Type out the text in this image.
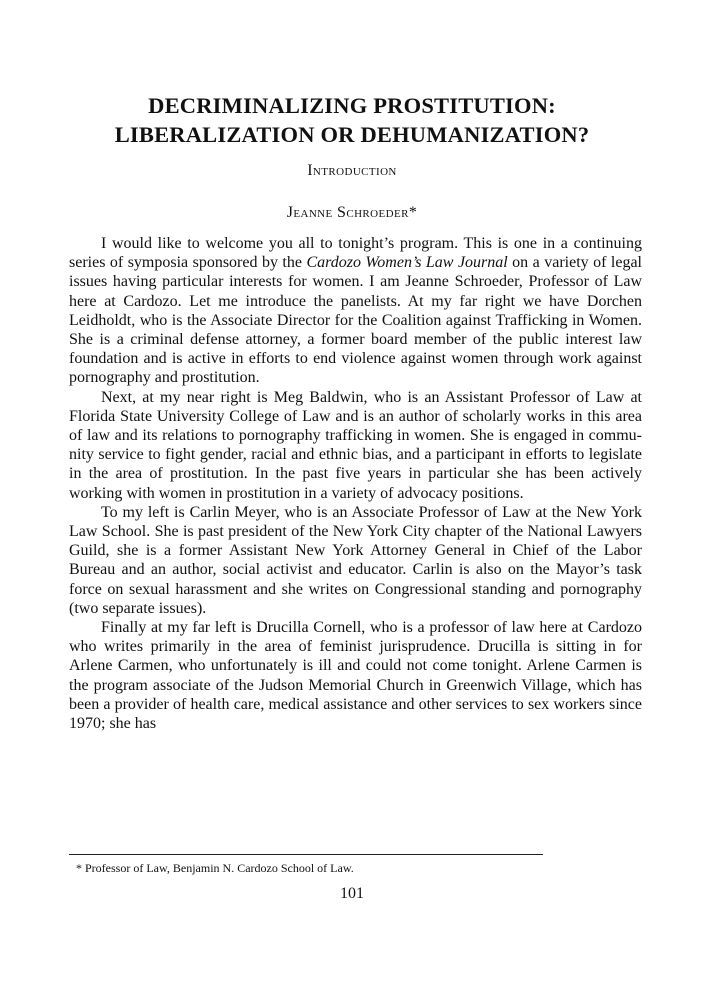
DECRIMINALIZING PROSTITUTION:
LIBERALIZATION OR DEHUMANIZATION?
Introduction
Jeanne Schroeder*

I would like to welcome you all to tonight’s program. This is one in a continuing series of symposia sponsored by the Cardozo Women’s Law Journal on a variety of legal issues having particular interests for women. I am Jeanne Schroeder, Professor of Law here at Cardozo. Let me introduce the panelists. At my far right we have Dorchen Leidholdt, who is the Associate Director for the Coalition against Trafficking in Women. She is a criminal defense attorney, a former board member of the public interest law foundation and is active in efforts to end violence against women through work against pornography and prostitution.

Next, at my near right is Meg Baldwin, who is an Assistant Professor of Law at Florida State University College of Law and is an author of scholarly works in this area of law and its relations to pornography trafficking in women. She is engaged in community service to fight gender, racial and ethnic bias, and a participant in efforts to legislate in the area of prostitution. In the past five years in particular she has been actively working with women in prostitution in a variety of advocacy positions.

To my left is Carlin Meyer, who is an Associate Professor of Law at the New York Law School. She is past president of the New York City chapter of the National Lawyers Guild, she is a former Assistant New York Attorney General in Chief of the Labor Bureau and an author, social activist and educator. Carlin is also on the Mayor’s task force on sexual harassment and she writes on Congressional standing and pornography (two separate issues).

Finally at my far left is Drucilla Cornell, who is a professor of law here at Cardozo who writes primarily in the area of feminist jurisprudence. Drucilla is sitting in for Arlene Carmen, who unfortunately is ill and could not come tonight. Arlene Carmen is the program associate of the Judson Memorial Church in Greenwich Village, which has been a provider of health care, medical assistance and other services to sex workers since 1970; she has

* Professor of Law, Benjamin N. Cardozo School of Law.
101
